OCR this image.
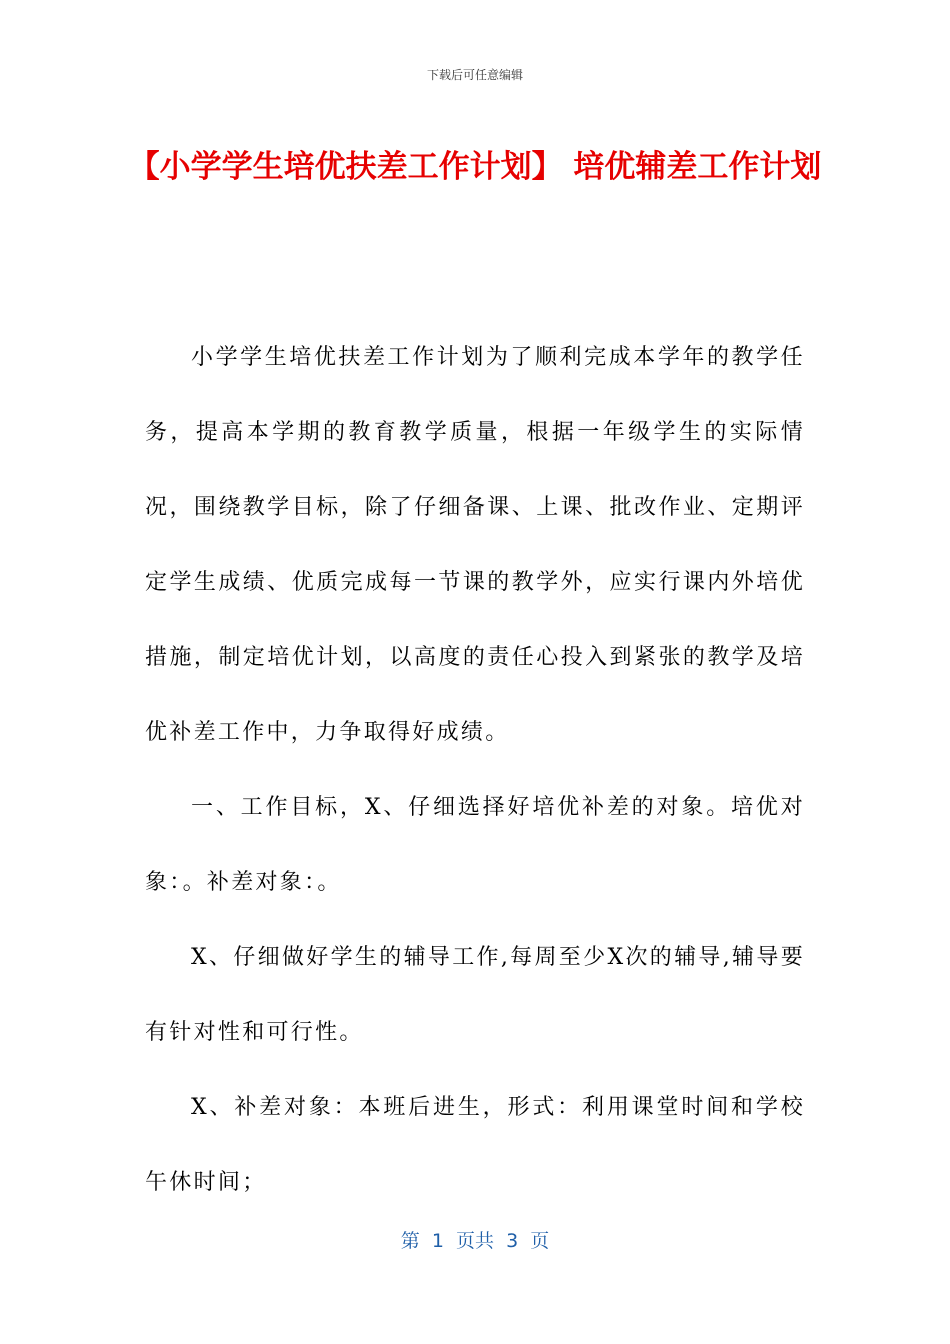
下载后可任意编辑
【小学学生培优扶差工作计划】 培优辅差工作计划

小学学生培优扶差工作计划为了顺利完成本学年的教学任务，提高本学期的教育教学质量，根据一年级学生的实际情况，围绕教学目标，除了仔细备课、上课、批改作业、定期评定学生成绩、优质完成每一节课的教学外，应实行课内外培优措施，制定培优计划，以高度的责任心投入到紧张的教学及培优补差工作中，力争取得好成绩。

一、工作目标，X、仔细选择好培优补差的对象。培优对象：。补差对象：。

X、仔细做好学生的辅导工作,每周至少X次的辅导,辅导要有针对性和可行性。

X、补差对象：本班后进生，形式：利用课堂时间和学校午休时间；

第  1  页共  3  页
